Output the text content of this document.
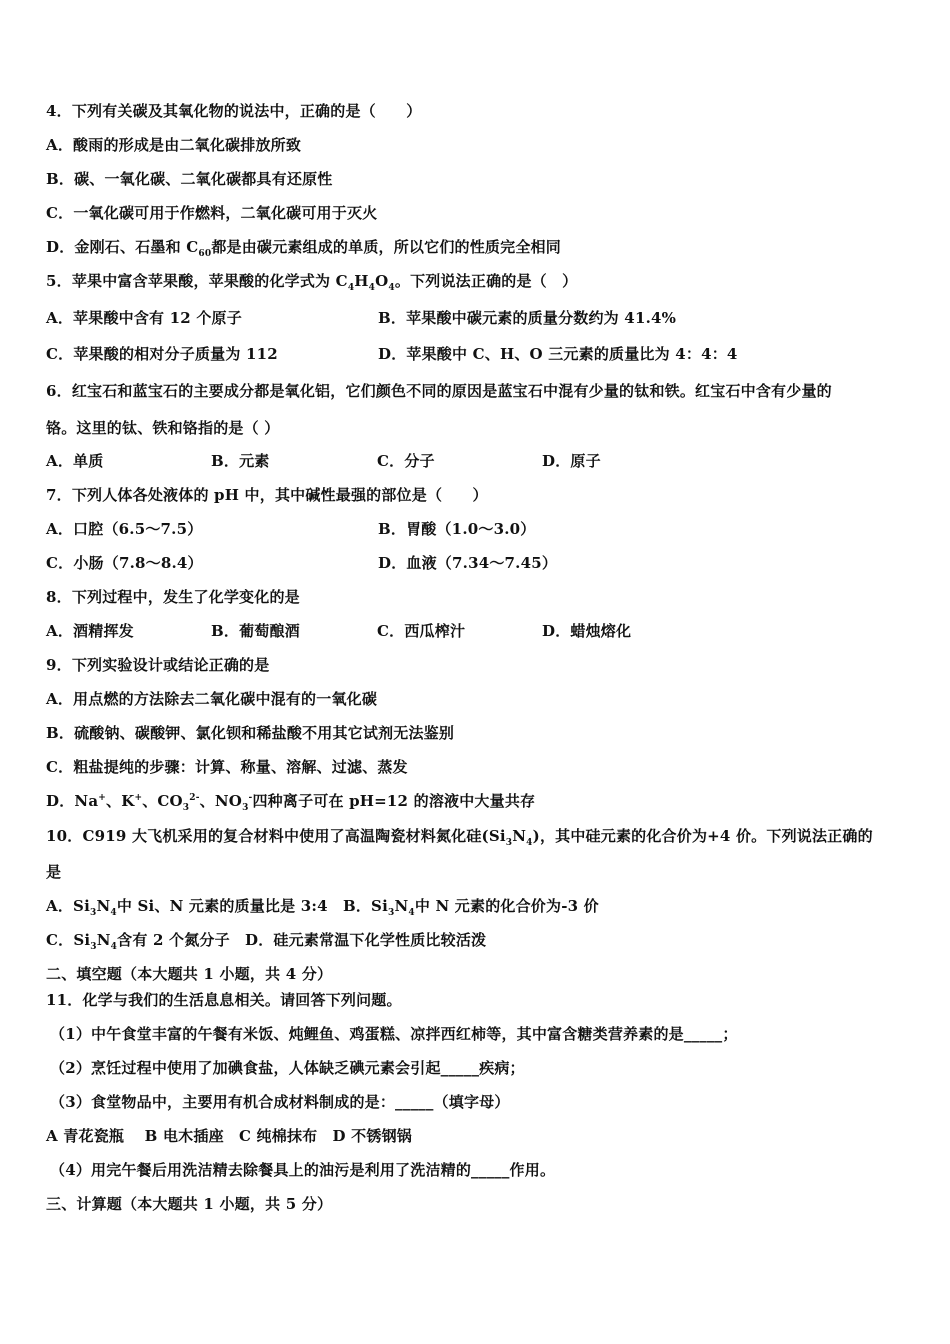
4．下列有关碳及其氧化物的说法中，正确的是（　　）
A．酸雨的形成是由二氧化碳排放所致
B．碳、一氧化碳、二氧化碳都具有还原性
C．一氧化碳可用于作燃料，二氧化碳可用于灭火
D．金刚石、石墨和 $C_{60}$都是由碳元素组成的单质，所以它们的性质完全相同
5．苹果中富含苹果酸，苹果酸的化学式为 $C_4H_4O_4$。下列说法正确的是（　）
A．苹果酸中含有 12 个原子	B．苹果酸中碳元素的质量分数约为 41.4%
C．苹果酸的相对分子质量为 112	D．苹果酸中 C、H、O 三元素的质量比为 4：4：4
6．红宝石和蓝宝石的主要成分都是氧化铝，它们颜色不同的原因是蓝宝石中混有少量的钛和铁。红宝石中含有少量的
铬。这里的钛、铁和铬指的是（ ）
A．单质	B．元素	C．分子	D．原子
7．下列人体各处液体的 pH 中，其中碱性最强的部位是（　　）
A．口腔（6.5～7.5）	B．胃酸（1.0～3.0）
C．小肠（7.8～8.4）	D．血液（7.34～7.45）
8．下列过程中，发生了化学变化的是
A．酒精挥发	B．葡萄酿酒	C．西瓜榨汁	D．蜡烛熔化
9．下列实验设计或结论正确的是
A．用点燃的方法除去二氧化碳中混有的一氧化碳
B．硫酸钠、碳酸钾、氯化钡和稀盐酸不用其它试剂无法鉴别
C．粗盐提纯的步骤：计算、称量、溶解、过滤、蒸发
D．Na+、K+、$CO_3^{2-}$、$NO_3^-$四种离子可在 pH=12 的溶液中大量共存
10．C919 大飞机采用的复合材料中使用了高温陶瓷材料氮化硅$(Si_3N_4)$，其中硅元素的化合价为+4 价。下列说法正确的
是
A．$Si_3N_4$中 Si、N 元素的质量比是 3:4　B．$Si_3N_4$中 N 元素的化合价为-3 价
C．$Si_3N_4$含有 2 个氮分子　D．硅元素常温下化学性质比较活泼
二、填空题（本大题共 1 小题，共 4 分）
11．化学与我们的生活息息相关。请回答下列问题。
（1）中午食堂丰富的午餐有米饭、炖鲤鱼、鸡蛋糕、凉拌西红柿等，其中富含糖类营养素的是_____；
（2）烹饪过程中使用了加碘食盐，人体缺乏碘元素会引起_____疾病；
（3）食堂物品中，主要用有机合成材料制成的是：_____（填字母）
A 青花瓷瓶　 B 电木插座　C 纯棉抹布　D 不锈钢锅
（4）用完午餐后用洗洁精去除餐具上的油污是利用了洗洁精的_____作用。
三、计算题（本大题共 1 小题，共 5 分）
